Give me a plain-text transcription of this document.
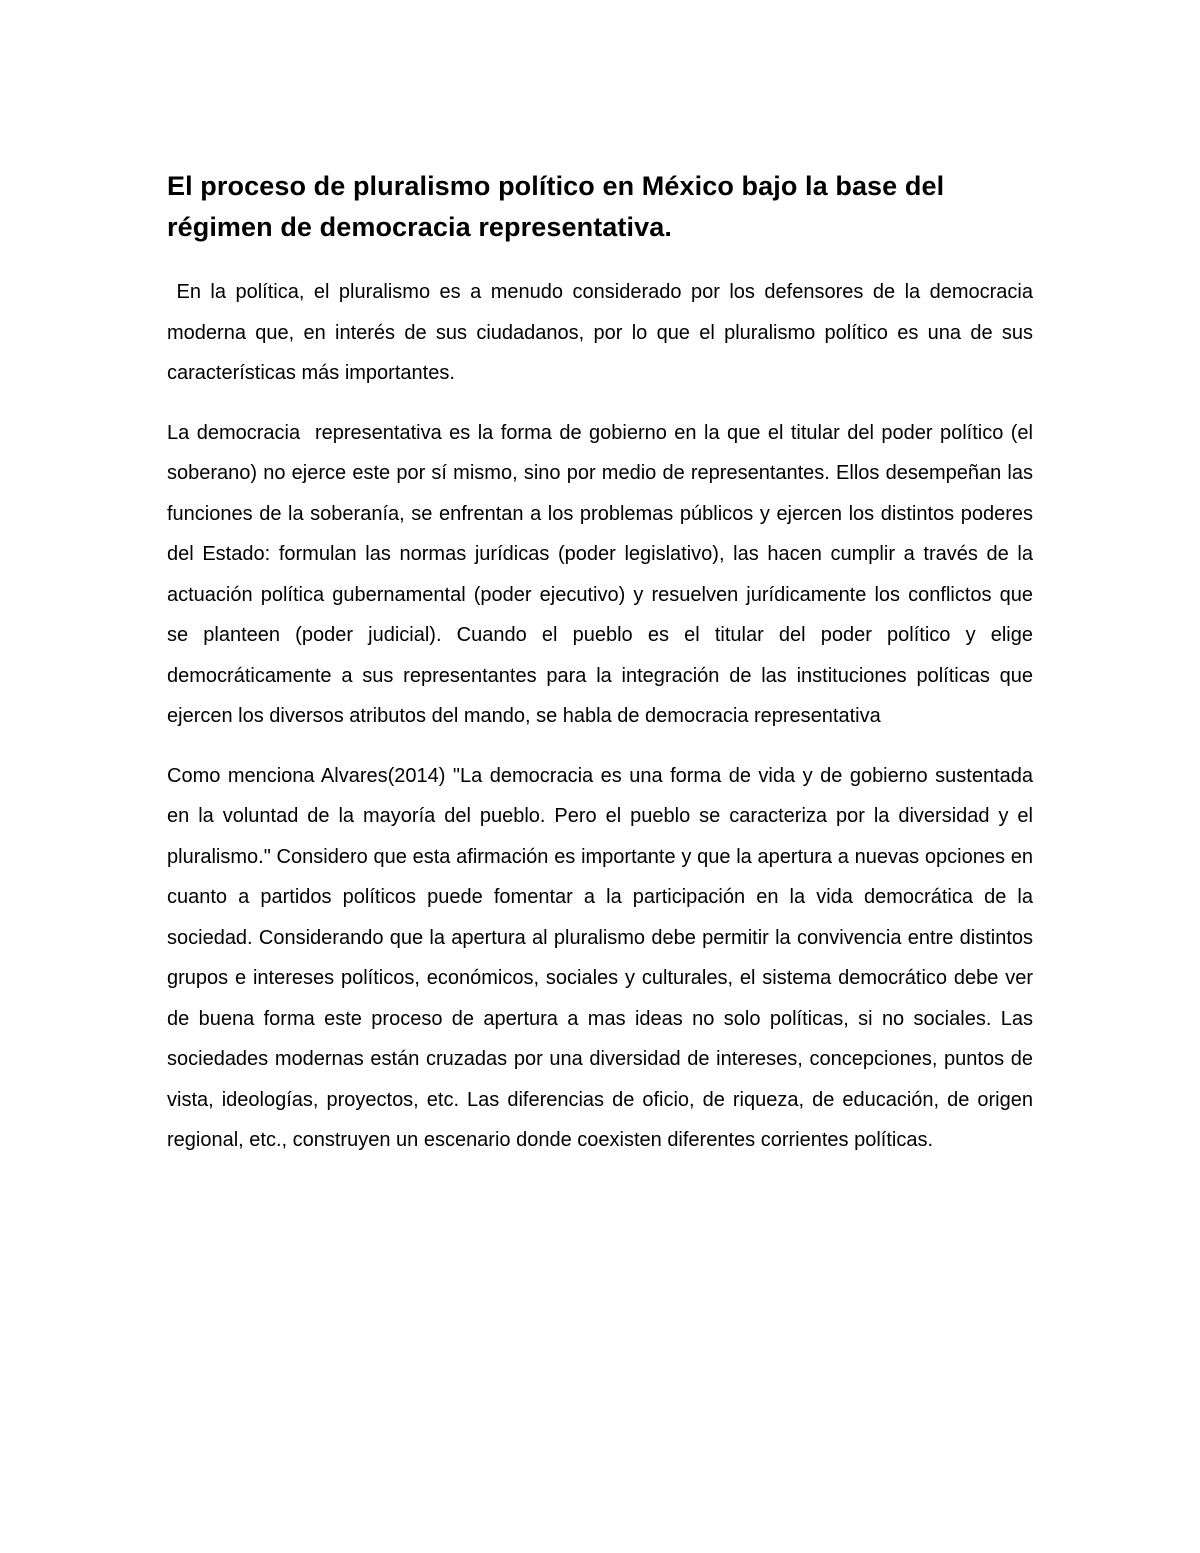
El proceso de pluralismo político en México bajo la base del régimen de democracia representativa.

En la política, el pluralismo es a menudo considerado por los defensores de la democracia moderna que, en interés de sus ciudadanos, por lo que el pluralismo político es una de sus características más importantes.

La democracia  representativa es la forma de gobierno en la que el titular del poder político (el soberano) no ejerce este por sí mismo, sino por medio de representantes. Ellos desempeñan las funciones de la soberanía, se enfrentan a los problemas públicos y ejercen los distintos poderes del Estado: formulan las normas jurídicas (poder legislativo), las hacen cumplir a través de la actuación política gubernamental (poder ejecutivo) y resuelven jurídicamente los conflictos que se planteen (poder judicial). Cuando el pueblo es el titular del poder político y elige democráticamente a sus representantes para la integración de las instituciones políticas que ejercen los diversos atributos del mando, se habla de democracia representativa

Como menciona Alvares(2014) "La democracia es una forma de vida y de gobierno sustentada en la voluntad de la mayoría del pueblo. Pero el pueblo se caracteriza por la diversidad y el pluralismo." Considero que esta afirmación es importante y que la apertura a nuevas opciones en cuanto a partidos políticos puede fomentar a la participación en la vida democrática de la sociedad. Considerando que la apertura al pluralismo debe permitir la convivencia entre distintos grupos e intereses políticos, económicos, sociales y culturales, el sistema democrático debe ver de buena forma este proceso de apertura a mas ideas no solo políticas, si no sociales. Las sociedades modernas están cruzadas por una diversidad de intereses, concepciones, puntos de vista, ideologías, proyectos, etc. Las diferencias de oficio, de riqueza, de educación, de origen regional, etc., construyen un escenario donde coexisten diferentes corrientes políticas.
